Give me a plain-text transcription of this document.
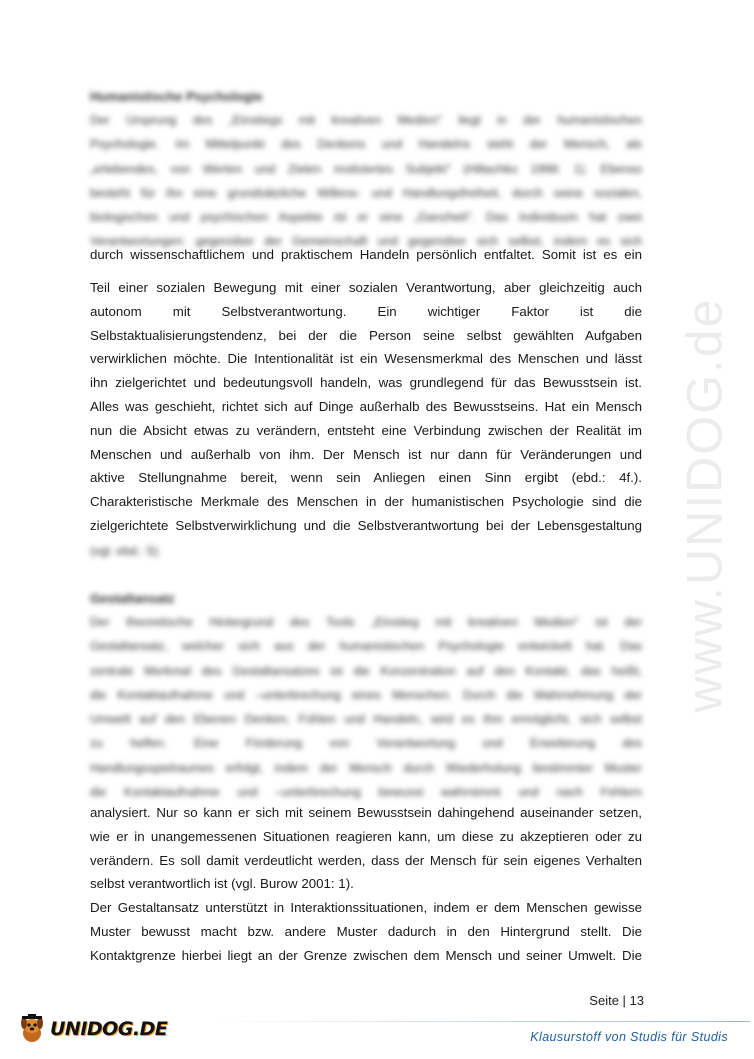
www.UNIDOG.de
Humanistische Psychologie
Der Ursprung des „Einstiegs mit kreativen Medien" liegt in der humanistischen
Psychologie. Im Mittelpunkt des Denkens und Handelns steht der Mensch, als
„erlebendes, von Werten und Zielen motiviertes Subjekt" (Hiltachko 1998: 1). Ebenso
besteht für ihn eine grundsätzliche Willens- und Handlungsfreiheit, durch seine sozialen,
biologischen und psychischen Aspekte ist er eine „Ganzheit". Das Individuum hat zwei
Verantwortungen: gegenüber der Gemeinschaft und gegenüber sich selbst, indem es sich
durch wissenschaftlichem und praktischem Handeln persönlich entfaltet. Somit ist es ein
Teil einer sozialen Bewegung mit einer sozialen Verantwortung, aber gleichzeitig auch
autonom mit Selbstverantwortung. Ein wichtiger Faktor ist die
Selbstaktualisierungstendenz, bei der die Person seine selbst gewählten Aufgaben
verwirklichen möchte. Die Intentionalität ist ein Wesensmerkmal des Menschen und lässt
ihn zielgerichtet und bedeutungsvoll handeln, was grundlegend für das Bewusstsein ist.
Alles was geschieht, richtet sich auf Dinge außerhalb des Bewusstseins. Hat ein Mensch
nun die Absicht etwas zu verändern, entsteht eine Verbindung zwischen der Realität im
Menschen und außerhalb von ihm. Der Mensch ist nur dann für Veränderungen und
aktive Stellungnahme bereit, wenn sein Anliegen einen Sinn ergibt (ebd.: 4f.).
Charakteristische Merkmale des Menschen in der humanistischen Psychologie sind die
zielgerichtete Selbstverwirklichung und die Selbstverantwortung bei der Lebensgestaltung
(vgl. ebd.: 5).
Gestaltansatz
Der theoretische Hintergrund des Tools „Einstieg mit kreativen Medien" ist der
Gestaltansatz, welcher sich aus der humanistischen Psychologie entwickelt hat. Das
zentrale Merkmal des Gestaltansatzes ist die Konzentration auf den Kontakt, das heißt,
die Kontaktaufnahme und –unterbrechung eines Menschen. Durch die Wahrnehmung der
Umwelt auf den Ebenen Denken, Fühlen und Handeln, wird es ihm ermöglicht, sich selbst
zu helfen. Eine Förderung von Verantwortung und Erweiterung des
Handlungsspielraumes erfolgt, indem der Mensch durch Wiederholung bestimmter Muster
die Kontaktaufnahme und –unterbrechung bewusst wahrnimmt und nach Fehlern
analysiert. Nur so kann er sich mit seinem Bewusstsein dahingehend auseinander setzen,
wie er in unangemessenen Situationen reagieren kann, um diese zu akzeptieren oder zu
verändern. Es soll damit verdeutlicht werden, dass der Mensch für sein eigenes Verhalten
selbst verantwortlich ist (vgl. Burow 2001: 1).
Der Gestaltansatz unterstützt in Interaktionssituationen, indem er dem Menschen gewisse
Muster bewusst macht bzw. andere Muster dadurch in den Hintergrund stellt. Die
Kontaktgrenze hierbei liegt an der Grenze zwischen dem Mensch und seiner Umwelt. Die
Seite | 13
UNIDOG.DE	Klausurstoff von Studis für Studis
